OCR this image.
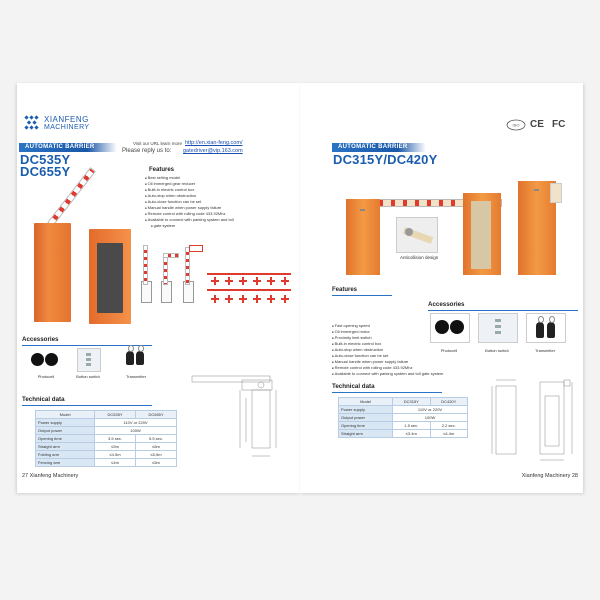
XIANFENG
MACHINERY
Visit our URL learn more http://en.xian-feng.com/
Please reply us to: gatedriver@vip.163.com
AUTOMATIC BARRIER
DC535Y
DC655Y	Features
■ Best selling model
■ Oil immerged gear reducer
■ Built-in electric control box
■ Auto-stop when obstruction
■ Auto-close function can be set
■ Manual handle when power supply failure
■ Remote control with rolling code 433.92Mhz
■ Available to connect with parking system and toll
■ gate system
Accessories
Photocell	Button switch	Transmitter
Technical data
Model	DC535Y	DC655Y
Power supply	110V or 220V	
Output power	100W	
Opening time	3.5 sec.	5.5 sec.
Straight arm	≤5m	≤6m
Folding arm	≤4.5m	≤5.5m
Fencing arm	≤4m	≤5m
27 Xianfeng Machinery
ISO CE FC
AUTOMATIC BARRIER
DC315Y/DC420Y
Anticollision design
Accessories
Photocell	Button switch	Transmitter
Features
■ Fast opening speed
■ Oil immerged motor
■ Proximity limit switch
■ Built-in electric control box
■ Auto-stop when obstruction
■ Auto-close function can be set
■ Manual handle when power supply failure
■ Remote control with rolling code 433.92Mhz
■ Available to connect with parking system and toll gate system
Technical data
Model	DC315Y	DC420Y
Power supply	110V or 220V	
Output power	100W	
Opening time	1.5 sec.	2.2 sec.
Straight arm	≤3.4m	≤4.4m
Xianfeng Machinery 28
